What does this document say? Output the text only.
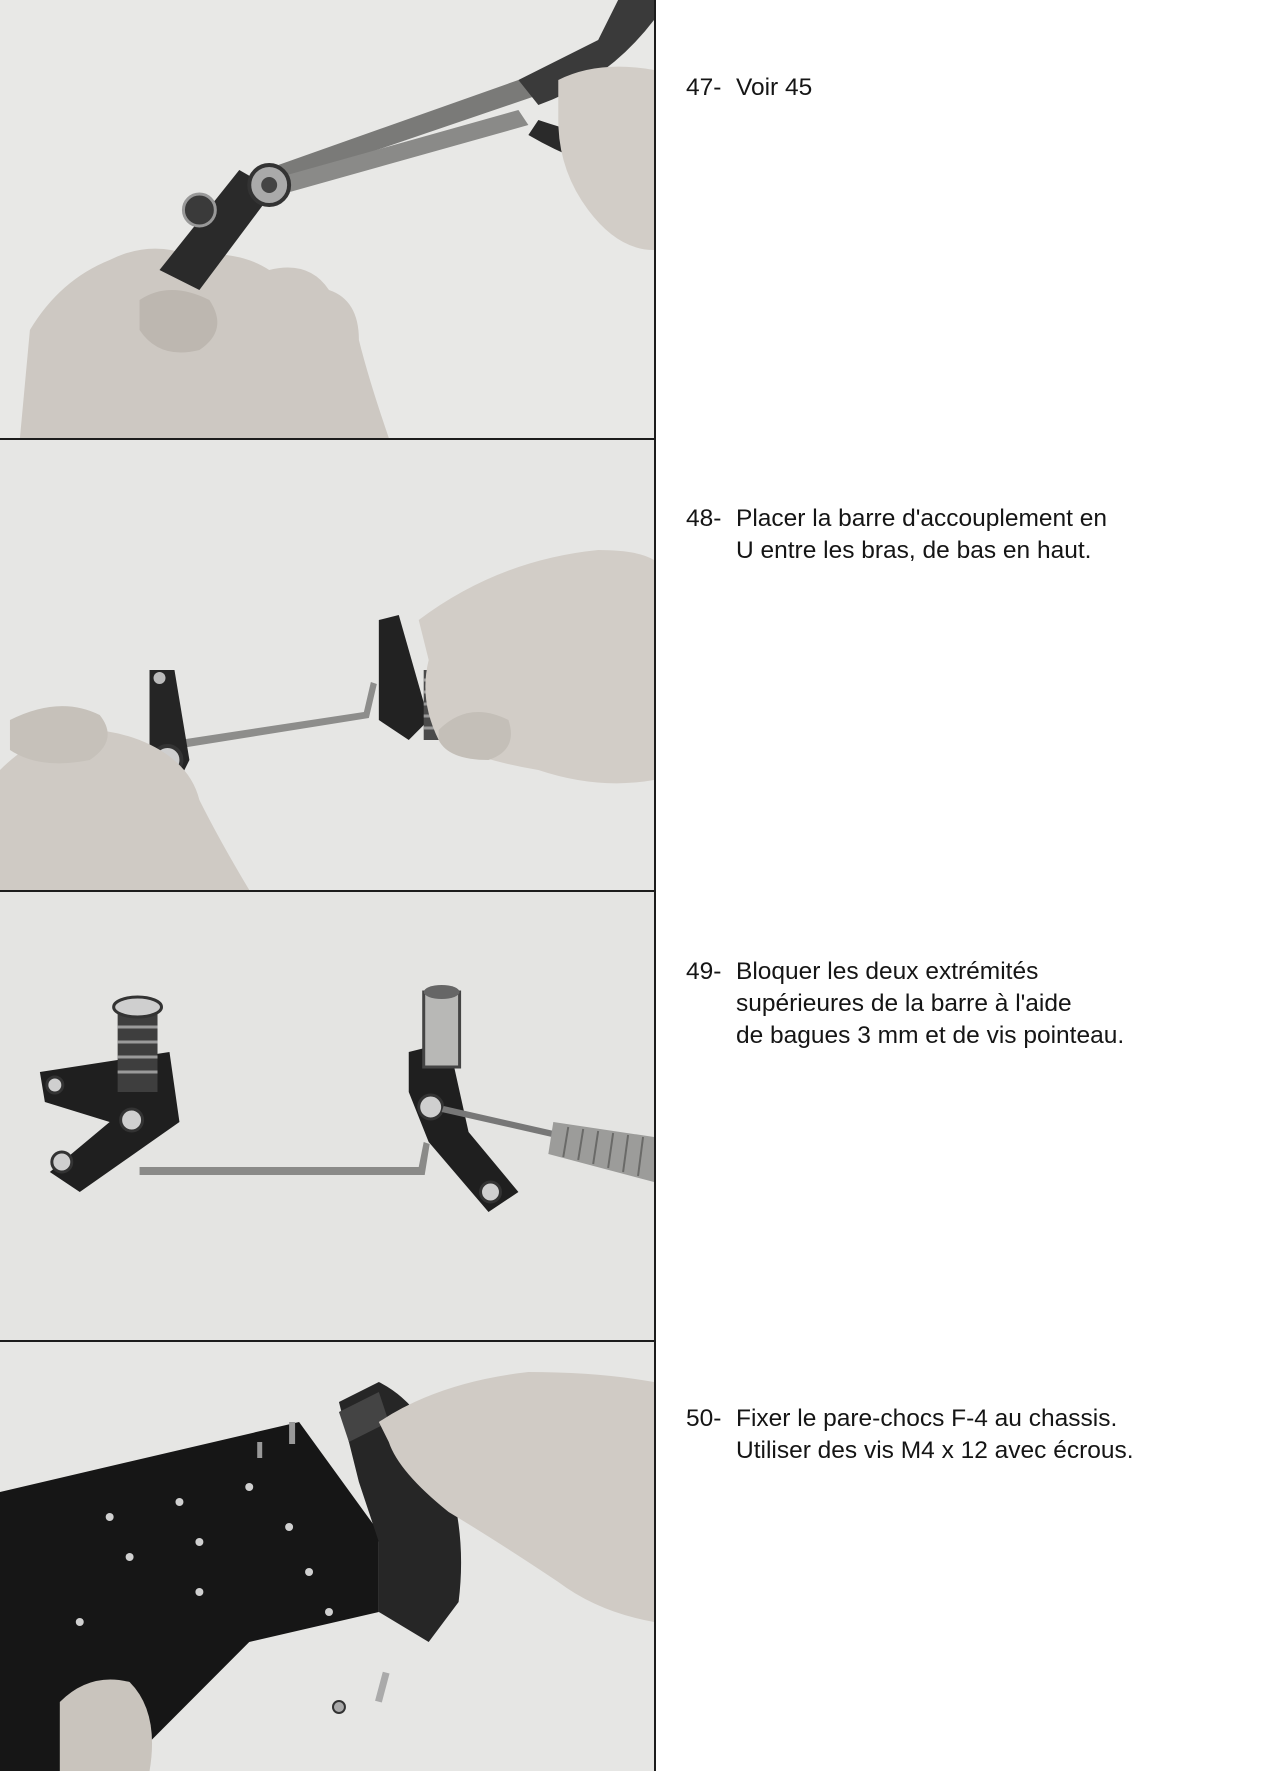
47- Voir 45
48- Placer la barre d'accouplement en
U entre les bras, de bas en haut.
49- Bloquer les deux extrémités
supérieures de la barre à l'aide
de bagues 3 mm et de vis pointeau.
50- Fixer le pare-chocs F-4 au chassis.
Utiliser des vis M4 x 12 avec écrous.
